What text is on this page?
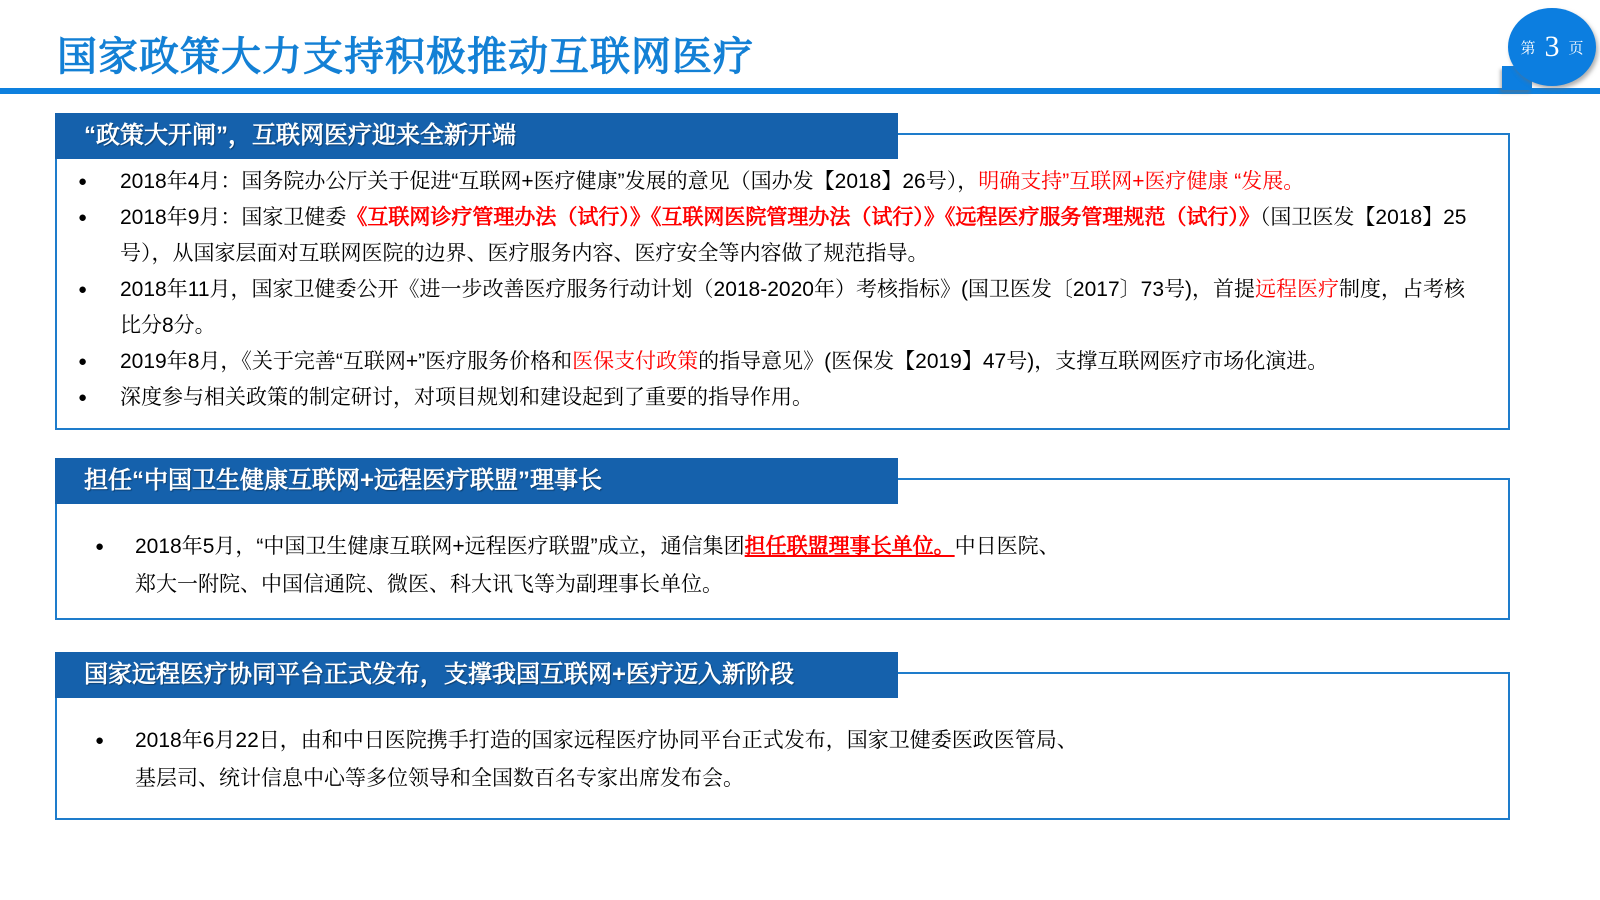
国家政策大力支持积极推动互联网医疗	第 3 页
“政策大开闸”，互联网医疗迎来全新开端
● 2018年4月：国务院办公厅关于促进“互联网+医疗健康”发展的意见（国办发【2018】26号），明确支持”互联网+医疗健康 “发展。
● 2018年9月：国家卫健委《互联网诊疗管理办法（试行）》《互联网医院管理办法（试行）》《远程医疗服务管理规范（试行）》（国卫医发【2018】25号），从国家层面对互联网医院的边界、医疗服务内容、医疗安全等内容做了规范指导。
● 2018年11月，国家卫健委公开《进一步改善医疗服务行动计划（2018-2020年）考核指标》(国卫医发〔2017〕73号)，首提远程医疗制度，占考核比分8分。
● 2019年8月，《关于完善“互联网+”医疗服务价格和医保支付政策的指导意见》(医保发【2019】47号)，支撑互联网医疗市场化演进。
● 深度参与相关政策的制定研讨，对项目规划和建设起到了重要的指导作用。
担任“中国卫生健康互联网+远程医疗联盟”理事长
● 2018年5月，“中国卫生健康互联网+远程医疗联盟”成立，通信集团担任联盟理事长单位。中日医院、
郑大一附院、中国信通院、微医、科大讯飞等为副理事长单位。
国家远程医疗协同平台正式发布，支撑我国互联网+医疗迈入新阶段
● 2018年6月22日，由和中日医院携手打造的国家远程医疗协同平台正式发布，国家卫健委医政医管局、
基层司、统计信息中心等多位领导和全国数百名专家出席发布会。
